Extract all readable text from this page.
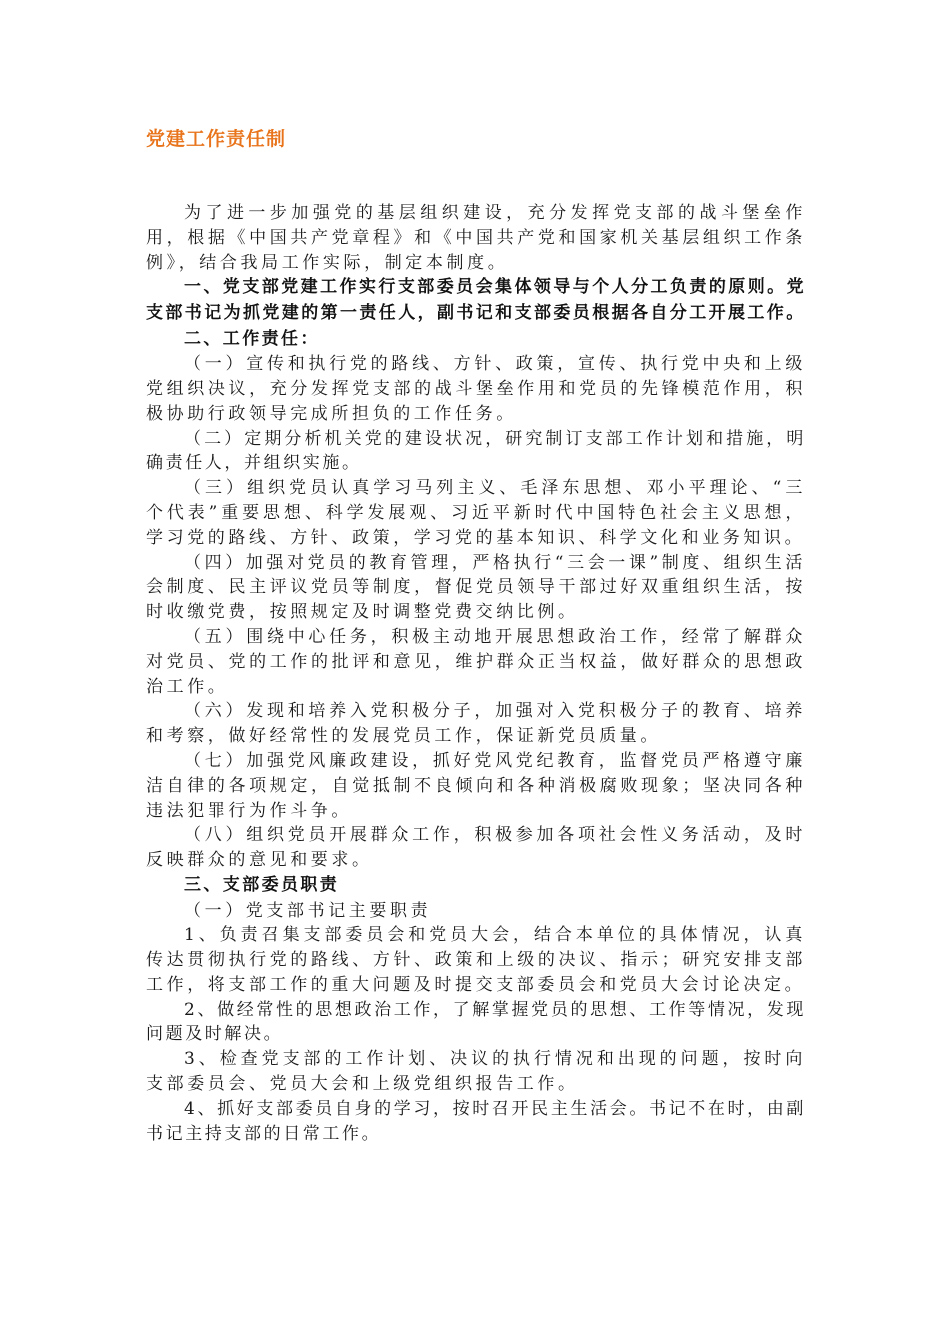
党建工作责任制

为了进一步加强党的基层组织建设，充分发挥党支部的战斗堡垒作用，根据《中国共产党章程》和《中国共产党和国家机关基层组织工作条例》，结合我局工作实际，制定本制度。

一、党支部党建工作实行支部委员会集体领导与个人分工负责的原则。党支部书记为抓党建的第一责任人，副书记和支部委员根据各自分工开展工作。

二、工作责任：

（一）宣传和执行党的路线、方针、政策，宣传、执行党中央和上级党组织决议，充分发挥党支部的战斗堡垒作用和党员的先锋模范作用，积极协助行政领导完成所担负的工作任务。

（二）定期分析机关党的建设状况，研究制订支部工作计划和措施，明确责任人，并组织实施。

（三）组织党员认真学习马列主义、毛泽东思想、邓小平理论、“三个代表”重要思想、科学发展观、习近平新时代中国特色社会主义思想，学习党的路线、方针、政策，学习党的基本知识、科学文化和业务知识。

（四）加强对党员的教育管理，严格执行“三会一课”制度、组织生活会制度、民主评议党员等制度，督促党员领导干部过好双重组织生活，按时收缴党费，按照规定及时调整党费交纳比例。

（五）围绕中心任务，积极主动地开展思想政治工作，经常了解群众对党员、党的工作的批评和意见，维护群众正当权益，做好群众的思想政治工作。

（六）发现和培养入党积极分子，加强对入党积极分子的教育、培养和考察，做好经常性的发展党员工作，保证新党员质量。

（七）加强党风廉政建设，抓好党风党纪教育，监督党员严格遵守廉洁自律的各项规定，自觉抵制不良倾向和各种消极腐败现象；坚决同各种违法犯罪行为作斗争。

（八）组织党员开展群众工作，积极参加各项社会性义务活动，及时反映群众的意见和要求。

三、支部委员职责

（一）党支部书记主要职责

1、负责召集支部委员会和党员大会，结合本单位的具体情况，认真传达贯彻执行党的路线、方针、政策和上级的决议、指示；研究安排支部工作，将支部工作的重大问题及时提交支部委员会和党员大会讨论决定。

2、做经常性的思想政治工作，了解掌握党员的思想、工作等情况，发现问题及时解决。

3、检查党支部的工作计划、决议的执行情况和出现的问题，按时向支部委员会、党员大会和上级党组织报告工作。

4、抓好支部委员自身的学习，按时召开民主生活会。书记不在时，由副书记主持支部的日常工作。
